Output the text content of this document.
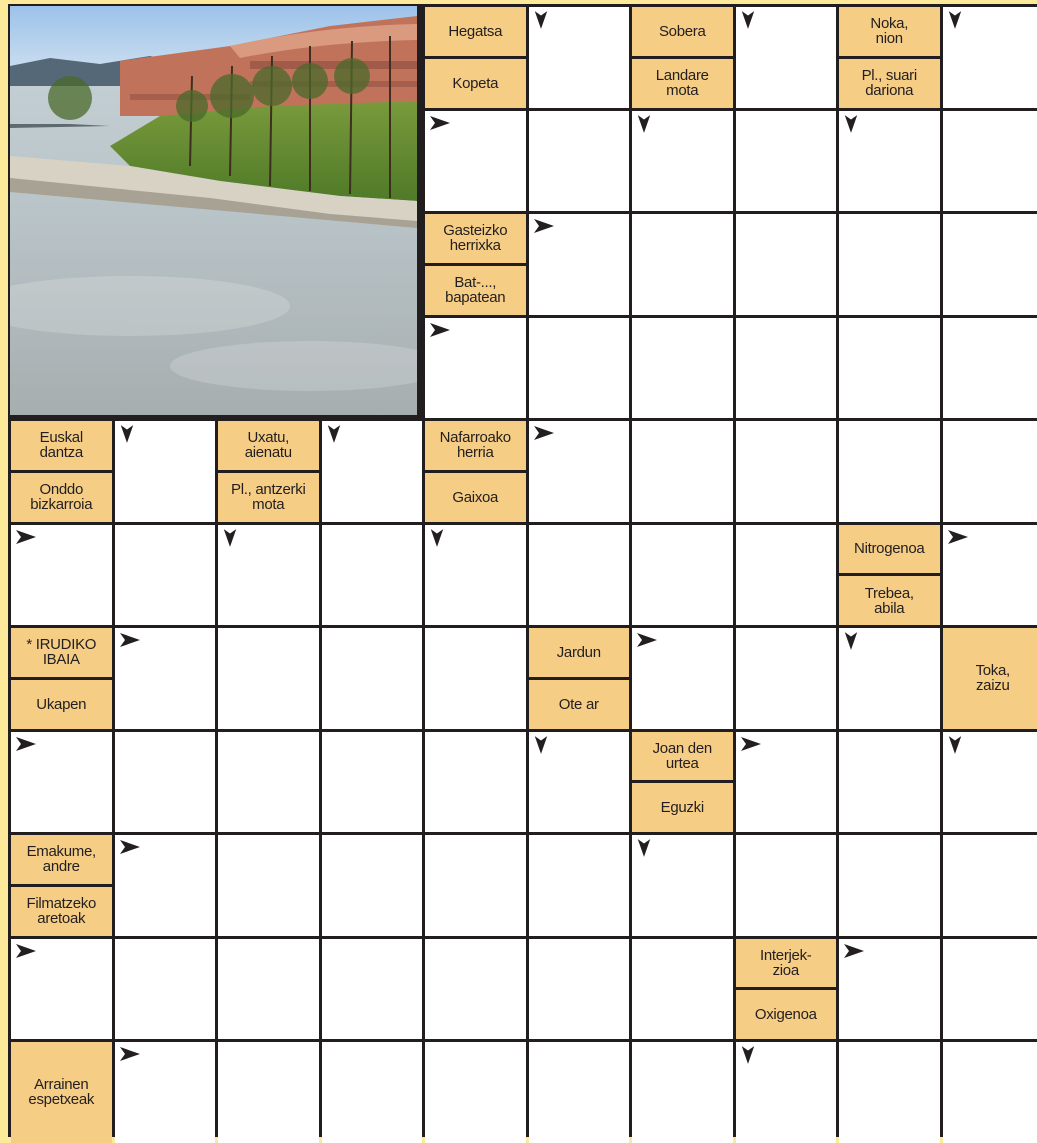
Hegatsa
Kopeta
Sobera
Landare
mota
Noka,
nion
Pl., suari
dariona
Gasteizko
herrixka
Bat-...,
bapatean
Euskal
dantza
Onddo
bizkarroia
Uxatu,
aienatu
Pl., antzerki
mota
Nafarroako
herria
Gaixoa
Nitrogenoa
Trebea,
abila
* IRUDIKO
IBAIA
Ukapen
Jardun
Ote ar
Toka,
zaizu
Joan den
urtea
Eguzki
Emakume,
andre
Filmatzeko
aretoak
Interjek-
zioa
Oxigenoa
Arrainen
espetxeak
